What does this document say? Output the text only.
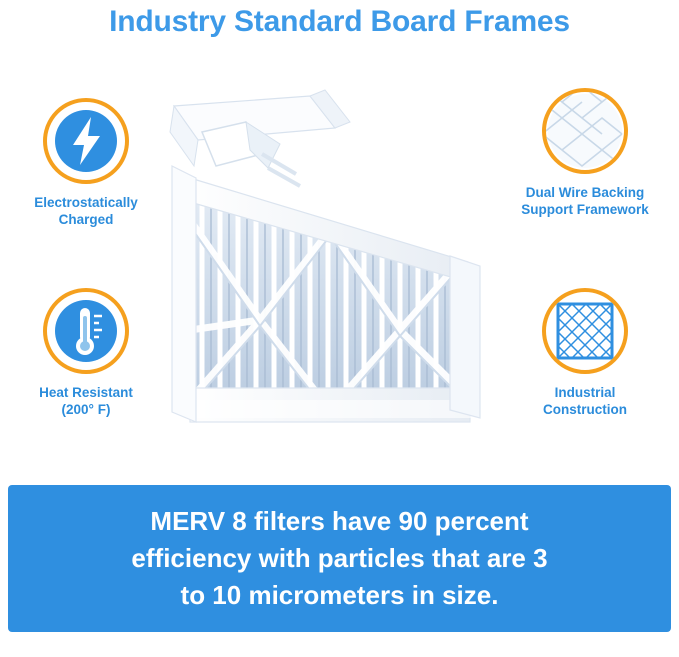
Industry Standard Board Frames
Electrostatically
Charged
Heat Resistant
(200° F)
Dual Wire Backing
Support Framework
Industrial
Construction

MERV 8 filters have 90 percent
efficiency with particles that are 3
to 10 micrometers in size.
